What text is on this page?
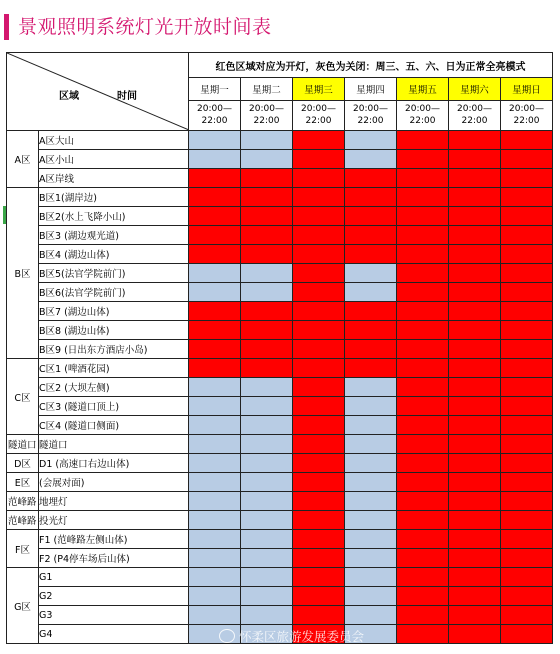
景观照明系统灯光开放时间表
区域 时间		红色区域对应为开灯，灰色为关闭：周三、五、六、日为正常全亮模式						
		星期一	星期二	星期三	星期四	星期五	星期六	星期日
		20:00—22:00	20:00—22:00	20:00—22:00	20:00—22:00	20:00—22:00	20:00—22:00	20:00—22:00
A区	A区大山							
	A区小山							
	A区岸线							
B区	B区1(湖岸边)							
	B区2(水上飞降小山)							
	B区3 (湖边观光道)							
	B区4 (湖边山体)							
	B区5(法官学院前门)							
	B区6(法官学院前门)							
	B区7 (湖边山体)							
	B区8 (湖边山体)							
	B区9 (日出东方酒店小岛)							
C区	C区1 (啤酒花园)							
	C区2 (大坝左侧)							
	C区3 (隧道口顶上)							
	C区4 (隧道口侧面)							
隧道口	隧道口							
D区	D1 (高速口右边山体)							
E区	(会展对面)							
范峰路	地埋灯							
范峰路	投光灯							
F区	F1 (范峰路左侧山体)							
	F2 (P4停车场后山体)							
G区	G1							
	G2							
	G3							
	G4								怀柔区旅游发展委员会
